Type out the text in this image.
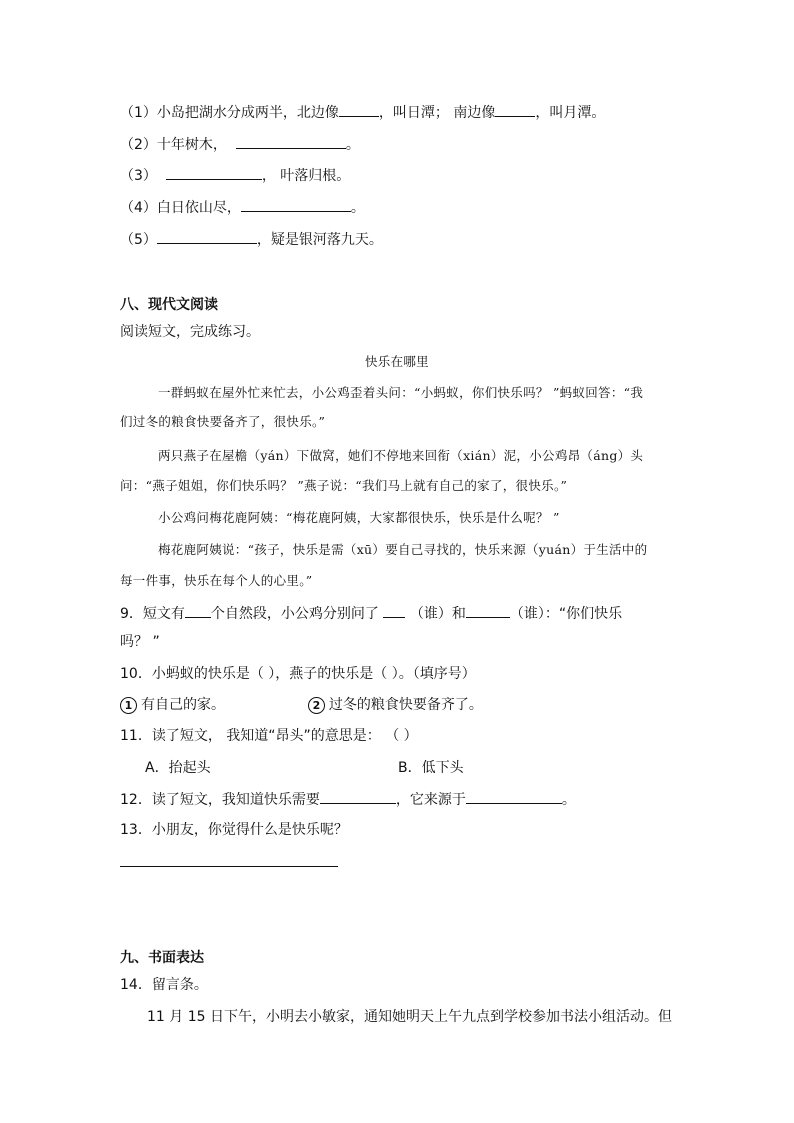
（1）小岛把湖水分成两半，北边像	，叫日潭； 南边像	，叫月潭。
（2）十年树木，	。
（3）	， 叶落归根。
（4）白日依山尽，	。
（5）	，疑是银河落九天。
八、现代文阅读
阅读短文，完成练习。
快乐在哪里
一群蚂蚁在屋外忙来忙去，小公鸡歪着头问：“小蚂蚁，你们快乐吗？ ”蚂蚁回答：“我
们过冬的粮食快要备齐了，很快乐。”
两只燕子在屋檐（yán）下做窝，她们不停地来回衔（xián）泥，小公鸡昂（áng）头
问：“燕子姐姐，你们快乐吗？ ”燕子说：“我们马上就有自己的家了，很快乐。”
小公鸡问梅花鹿阿姨：“梅花鹿阿姨，大家都很快乐，快乐是什么呢？ ”
梅花鹿阿姨说：“孩子，快乐是需（xū）要自己寻找的，快乐来源（yuán）于生活中的
每一件事，快乐在每个人的心里。”
9．短文有 个自然段，小公鸡分别问了  （谁）和	（谁）：“你们快乐
吗？ ”
10．小蚂蚁的快乐是（ ），燕子的快乐是（ ）。（填序号）
1 有自己的家。	2 过冬的粮食快要备齐了。
11．读了短文， 我知道“昂头”的意思是： （ ）
A．抬起头	B．低下头
12．读了短文，我知道快乐需要	，它来源于	。
13．小朋友，你觉得什么是快乐呢？
九、书面表达
14．留言条。
11 月 15 日下午，小明去小敏家，通知她明天上午九点到学校参加书法小组活动。但
